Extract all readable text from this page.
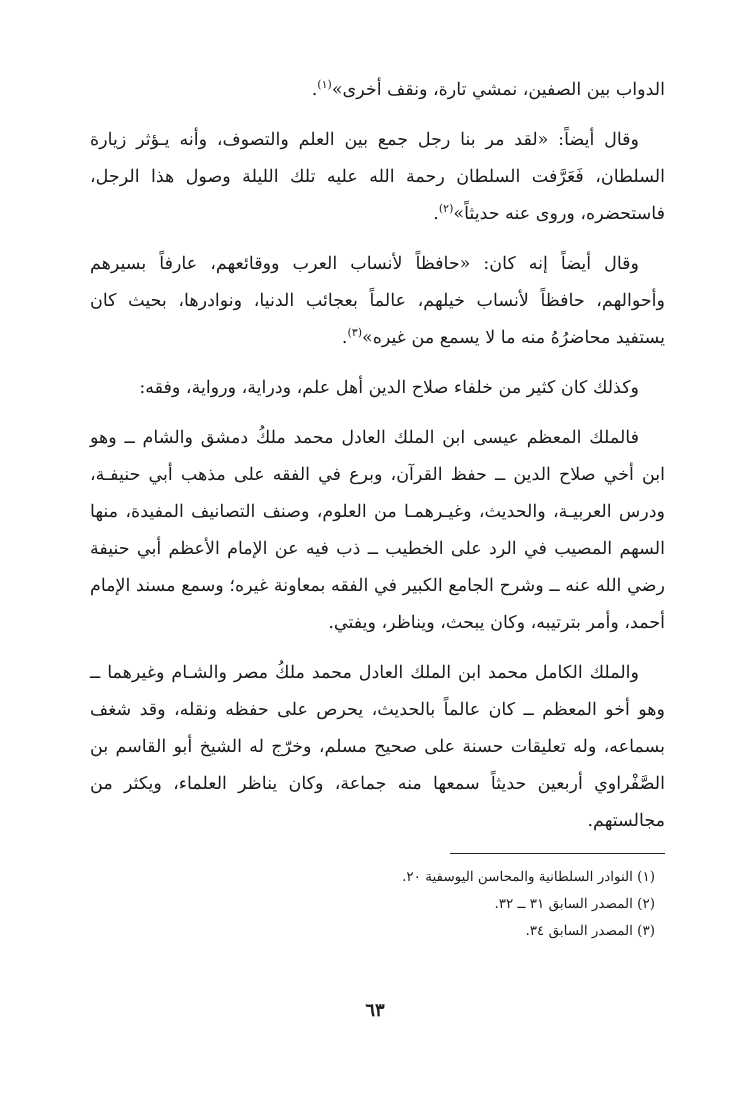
الدواب بين الصفين، نمشي تارة، ونقف أخرى»$^{(١)}$.

وقال أيضاً: «لقد مر بنا رجل جمع بين العلم والتصوف، وأنه يـؤثر زيارة السلطان، فَعَرَّفت السلطان رحمة الله عليه تلك الليلة وصول هذا الرجل، فاستحضره، وروى عنه حديثاً»$^{(٢)}$.

وقال أيضاً إنه كان: «حافظاً لأنساب العرب ووقائعهم، عارفاً بسيرهم وأحوالهم، حافظاً لأنساب خيلهم، عالماً بعجائب الدنيا، ونوادرها، بحيث كان يستفيد محاضرُهُ منه ما لا يسمع من غيره»$^{(٣)}$.

وكذلك كان كثير من خلفاء صلاح الدين أهل علم، ودراية، ورواية، وفقه:

فالملك المعظم عيسى ابن الملك العادل محمد ملكُ دمشق والشام ــ وهو ابن أخي صلاح الدين ــ حفظ القرآن، وبرع في الفقه على مذهب أبي حنيفـة، ودرس العربيـة، والحديث، وغيـرهمـا من العلوم، وصنف التصانيف المفيدة، منها السهم المصيب في الرد على الخطيب ــ ذب فيه عن الإمام الأعظم أبي حنيفة رضي الله عنه ــ وشرح الجامع الكبير في الفقه بمعاونة غيره؛ وسمع مسند الإمام أحمد، وأمر بترتيبه، وكان يبحث، ويناظر، ويفتي.

والملك الكامل محمد ابن الملك العادل محمد ملكُ مصر والشـام وغيرهما ــ وهو أخو المعظم ــ كان عالماً بالحديث، يحرص على حفظه ونقله، وقد شغف بسماعه، وله تعليقات حسنة على صحيح مسلم، وخرّج له الشيخ أبو القاسم بن الصَّفْراوي أربعين حديثاً سمعها منه جماعة، وكان يناظر العلماء، ويكثر من مجالستهم.

(١) النوادر السلطانية والمحاسن اليوسفية ٢٠.
(٢) المصدر السابق ٣١ ــ ٣٢.
(٣) المصدر السابق ٣٤.
٦٣
